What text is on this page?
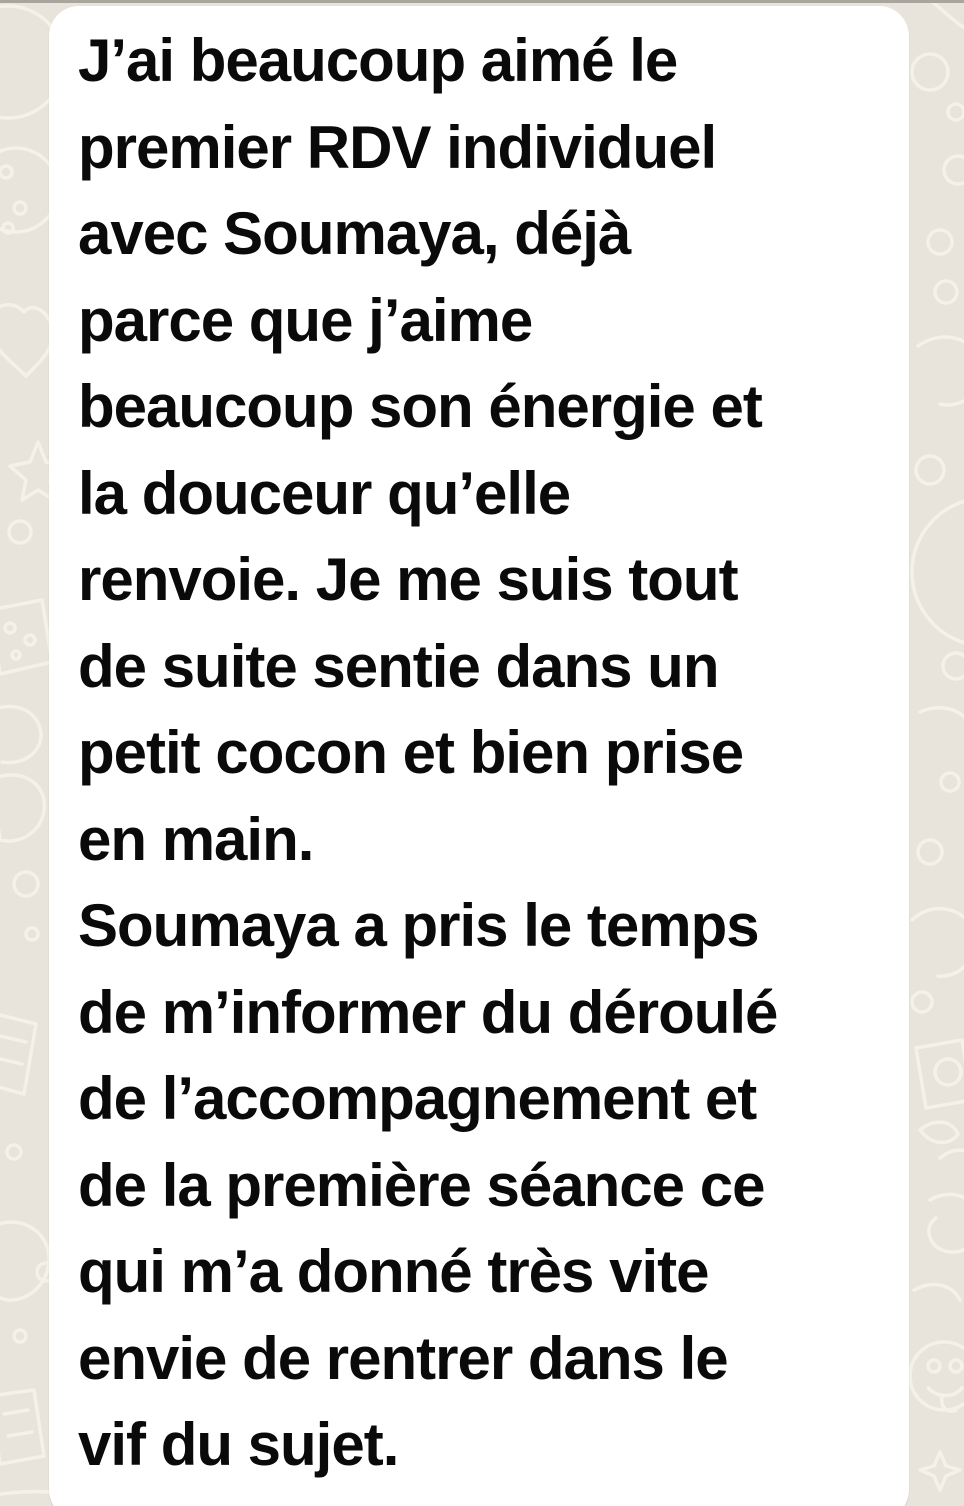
J’ai beaucoup aimé le
premier RDV individuel
avec Soumaya, déjà
parce que j’aime
beaucoup son énergie et
la douceur qu’elle
renvoie. Je me suis tout
de suite sentie dans un
petit cocon et bien prise
en main.
Soumaya a pris le temps
de m’informer du déroulé
de l’accompagnement et
de la première séance ce
qui m’a donné très vite
envie de rentrer dans le
vif du sujet.
